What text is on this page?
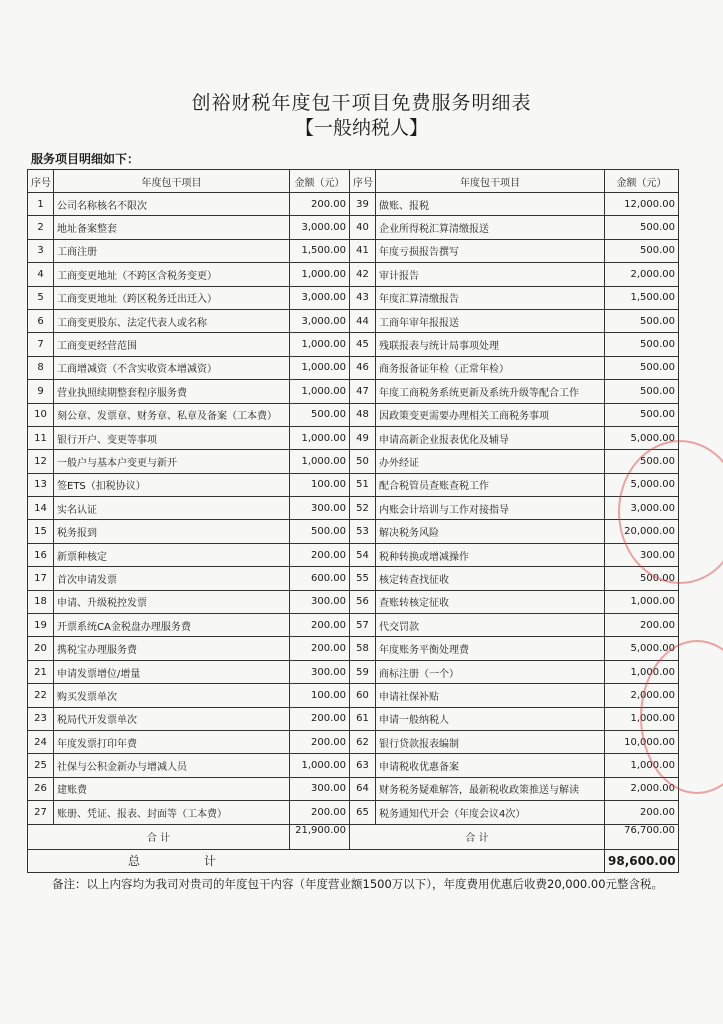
创裕财税年度包干项目免费服务明细表
【一般纳税人】
服务项目明细如下：
序号	年度包干项目	金额（元）	序号	年度包干项目	金额（元）
1	公司名称核名不限次	200.00	39	做账、报税	12,000.00
2	地址备案整套	3,000.00	40	企业所得税汇算清缴报送	500.00
3	工商注册	1,500.00	41	年度亏损报告撰写	500.00
4	工商变更地址（不跨区含税务变更）	1,000.00	42	审计报告	2,000.00
5	工商变更地址（跨区税务迁出迁入）	3,000.00	43	年度汇算清缴报告	1,500.00
6	工商变更股东、法定代表人或名称	3,000.00	44	工商年审年报报送	500.00
7	工商变更经营范围	1,000.00	45	残联报表与统计局事项处理	500.00
8	工商增减资（不含实收资本增减资）	1,000.00	46	商务报备证年检（正常年检）	500.00
9	营业执照续期整套程序服务费	1,000.00	47	年度工商税务系统更新及系统升级等配合工作	500.00
10	刻公章、发票章、财务章、私章及备案（工本费）	500.00	48	因政策变更需要办理相关工商税务事项	500.00
11	银行开户、变更等事项	1,000.00	49	申请高新企业报表优化及辅导	5,000.00
12	一般户与基本户变更与新开	1,000.00	50	办外经证	500.00
13	签ETS（扣税协议）	100.00	51	配合税管员查账查税工作	5,000.00
14	实名认证	300.00	52	内账会计培训与工作对接指导	3,000.00
15	税务报到	500.00	53	解决税务风险	20,000.00
16	新票种核定	200.00	54	税种转换或增减操作	300.00
17	首次申请发票	600.00	55	核定转查找征收	500.00
18	申请、升级税控发票	300.00	56	查账转核定征收	1,000.00
19	开票系统CA金税盘办理服务费	200.00	57	代交罚款	200.00
20	携税宝办理服务费	200.00	58	年度账务平衡处理费	5,000.00
21	申请发票增位/增量	300.00	59	商标注册（一个）	1,000.00
22	购买发票单次	100.00	60	申请社保补贴	2,000.00
23	税局代开发票单次	200.00	61	申请一般纳税人	1,000.00
24	年度发票打印年费	200.00	62	银行贷款报表编制	10,000.00
25	社保与公积金新办与增减人员	1,000.00	63	申请税收优惠备案	1,000.00
26	建账费	300.00	64	财务税务疑难解答，最新税收政策推送与解读	2,000.00
27	账册、凭证、报表、封面等（工本费）	200.00	65	税务通知代开会（年度会议4次）	200.00
合 计		21,900.00	合 计		76,700.00
总 计					98,600.00
备注：以上内容均为我司对贵司的年度包干内容（年度营业额1500万以下），年度费用优惠后收费20,000.00元整含税。
